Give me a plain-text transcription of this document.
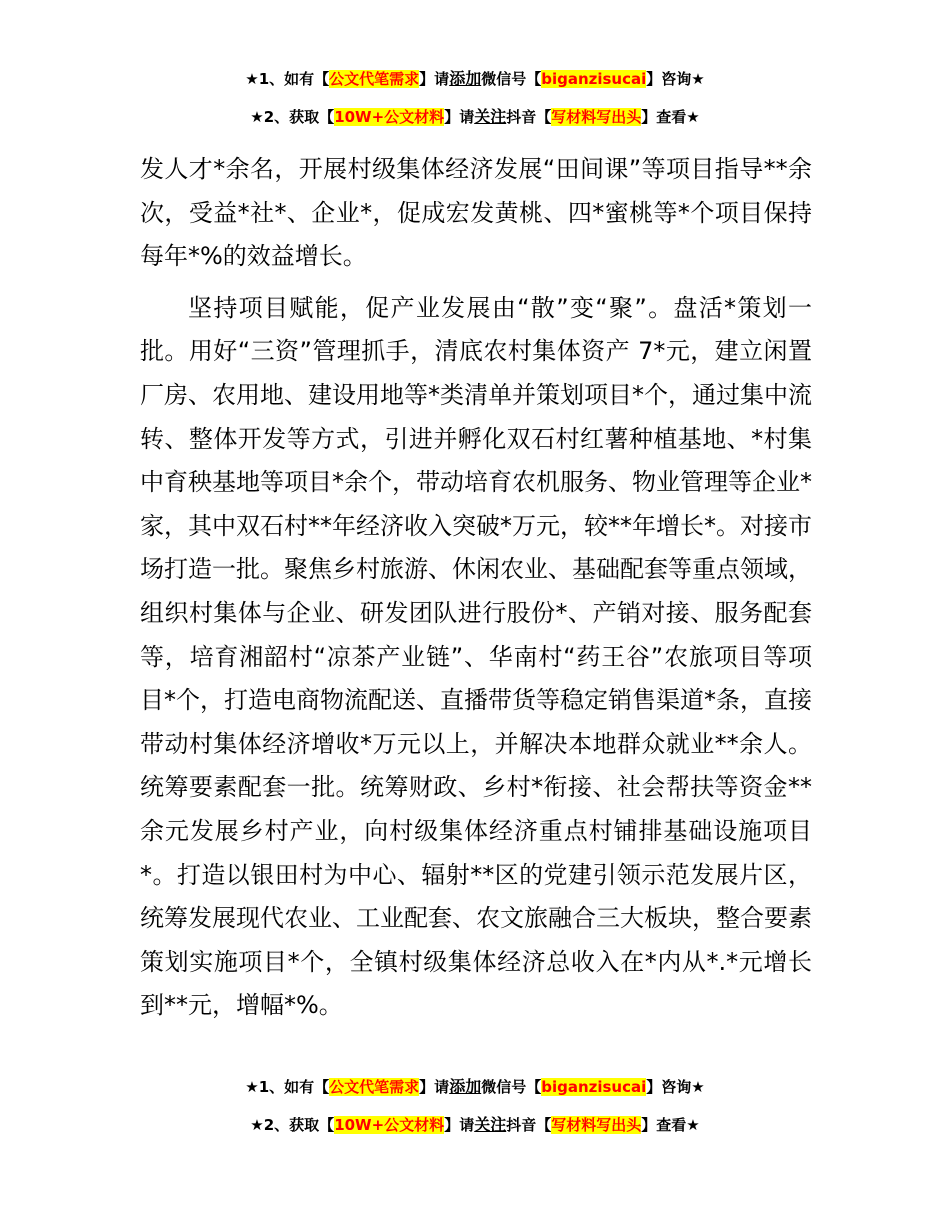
★1、如有【公文代笔需求】请添加微信号【biganzisucai】咨询★
★2、获取【10W+公文材料】请关注抖音【写材料写出头】查看★

发人才*余名，开展村级集体经济发展“田间课”等项目指导**余次，受益*社*、企业*，促成宏发黄桃、四*蜜桃等*个项目保持每年*%的效益增长。

坚持项目赋能，促产业发展由“散”变“聚”。盘活*策划一批。用好“三资”管理抓手，清底农村集体资产 7*元，建立闲置厂房、农用地、建设用地等*类清单并策划项目*个，通过集中流转、整体开发等方式，引进并孵化双石村红薯种植基地、*村集中育秧基地等项目*余个，带动培育农机服务、物业管理等企业*家，其中双石村**年经济收入突破*万元，较**年增长*。对接市场打造一批。聚焦乡村旅游、休闲农业、基础配套等重点领域，组织村集体与企业、研发团队进行股份*、产销对接、服务配套等，培育湘韶村“凉茶产业链”、华南村“药王谷”农旅项目等项目*个，打造电商物流配送、直播带货等稳定销售渠道*条，直接带动村集体经济增收*万元以上，并解决本地群众就业**余人。统筹要素配套一批。统筹财政、乡村*衔接、社会帮扶等资金**余元发展乡村产业，向村级集体经济重点村铺排基础设施项目*。打造以银田村为中心、辐射**区的党建引领示范发展片区，统筹发展现代农业、工业配套、农文旅融合三大板块，整合要素策划实施项目*个，全镇村级集体经济总收入在*内从*.*元增长到**元，增幅*%。

★1、如有【公文代笔需求】请添加微信号【biganzisucai】咨询★
★2、获取【10W+公文材料】请关注抖音【写材料写出头】查看★
